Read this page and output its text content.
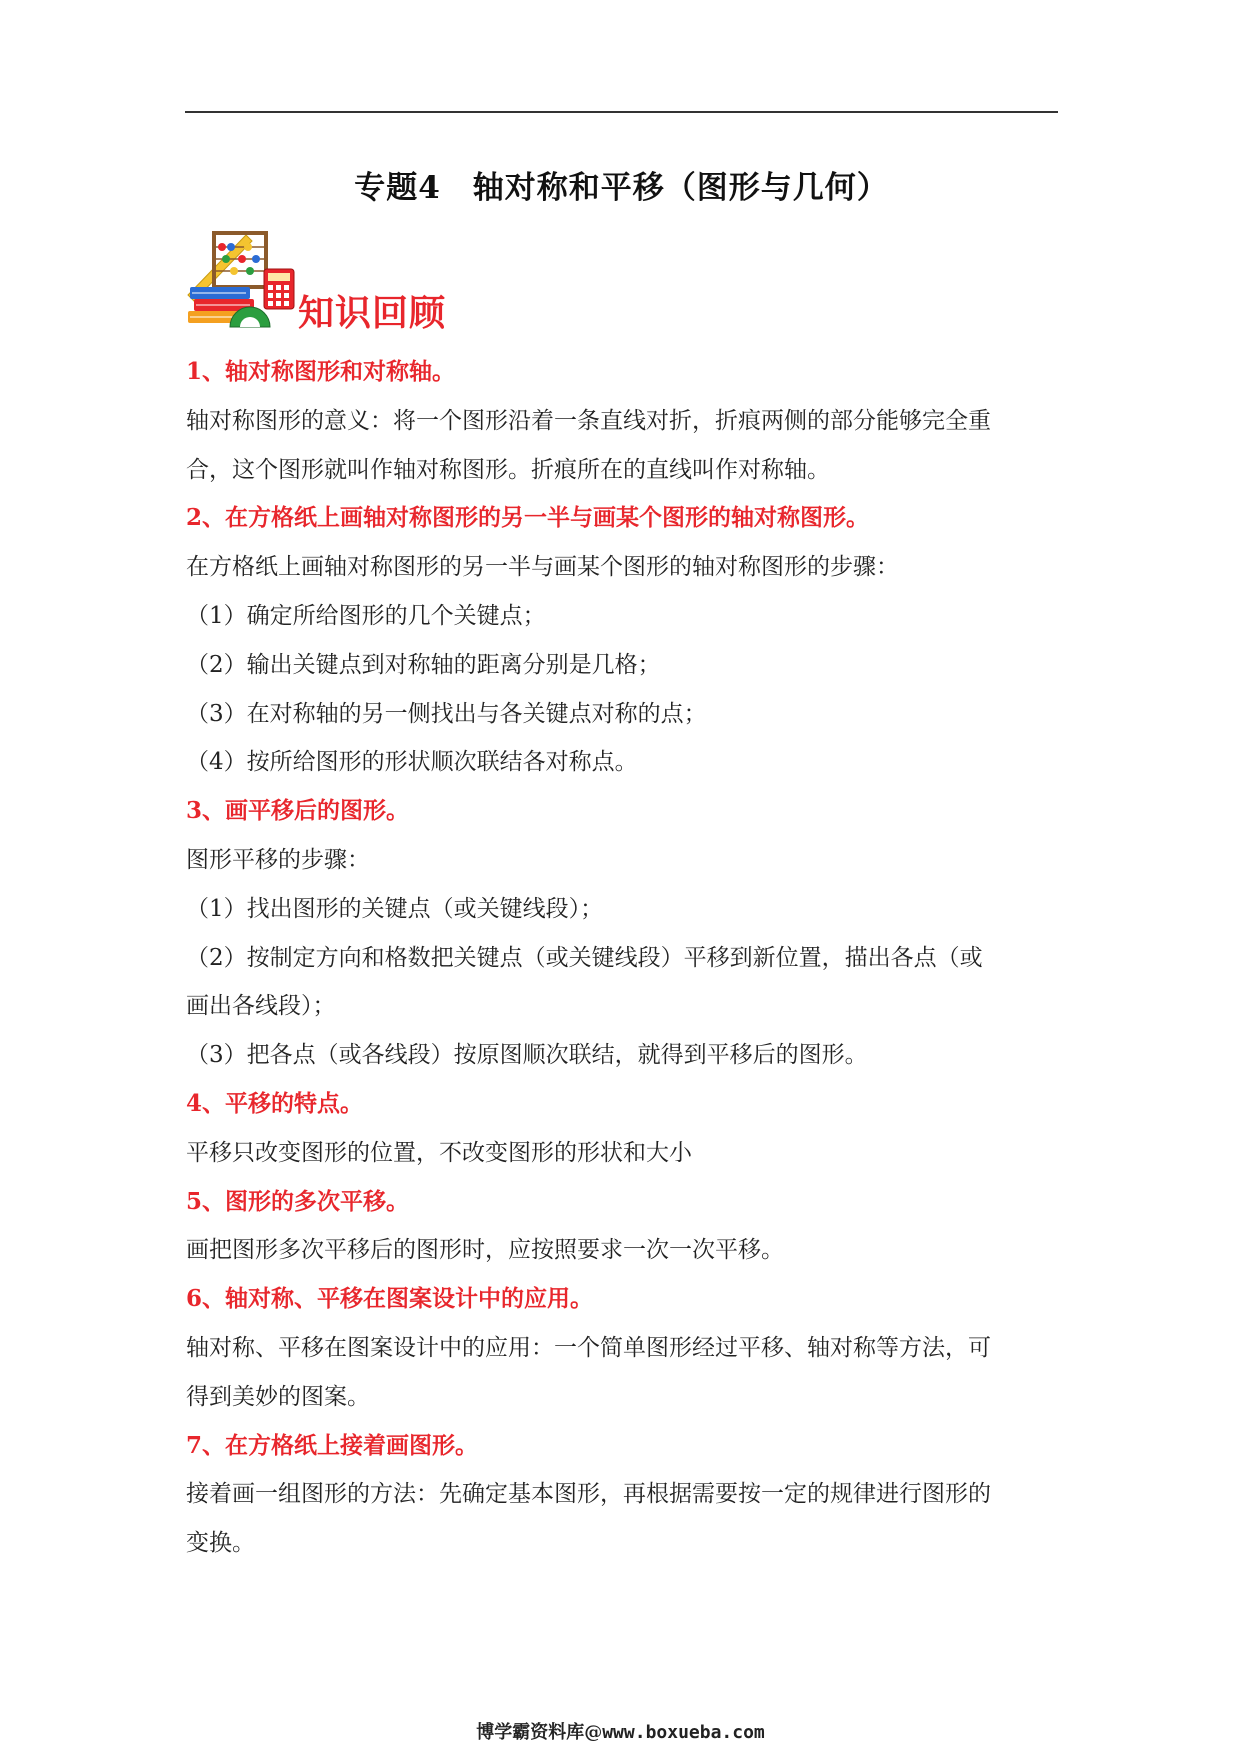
专题4　轴对称和平移（图形与几何）
知识回顾
1、轴对称图形和对称轴。
轴对称图形的意义：将一个图形沿着一条直线对折，折痕两侧的部分能够完全重
合，这个图形就叫作轴对称图形。折痕所在的直线叫作对称轴。
2、在方格纸上画轴对称图形的另一半与画某个图形的轴对称图形。
在方格纸上画轴对称图形的另一半与画某个图形的轴对称图形的步骤：
（1）确定所给图形的几个关键点；
（2）输出关键点到对称轴的距离分别是几格；
（3）在对称轴的另一侧找出与各关键点对称的点；
（4）按所给图形的形状顺次联结各对称点。
3、画平移后的图形。
图形平移的步骤：
（1）找出图形的关键点（或关键线段）；
（2）按制定方向和格数把关键点（或关键线段）平移到新位置，描出各点（或
画出各线段）；
（3）把各点（或各线段）按原图顺次联结，就得到平移后的图形。
4、平移的特点。
平移只改变图形的位置，不改变图形的形状和大小
5、图形的多次平移。
画把图形多次平移后的图形时，应按照要求一次一次平移。
6、轴对称、平移在图案设计中的应用。
轴对称、平移在图案设计中的应用：一个简单图形经过平移、轴对称等方法，可
得到美妙的图案。
7、在方格纸上接着画图形。
接着画一组图形的方法：先确定基本图形，再根据需要按一定的规律进行图形的
变换。
博学霸资料库@www.boxueba.com
